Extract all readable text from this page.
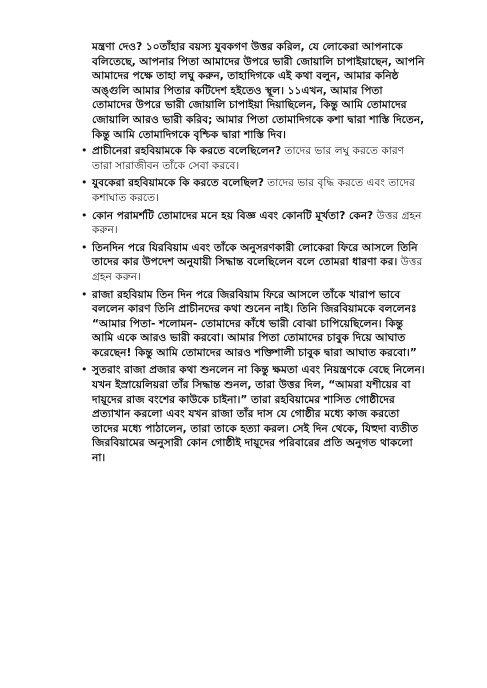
মন্ত্রণা দেও? ১০তাঁহার বয়স্য যুবকগণ উত্তর করিল, যে লোকেরা আপনাকে বলিতেছে, আপনার পিতা আমাদের উপরে ভারী জোয়ালি চাপাইয়াছেন, আপনি আমাদের পক্ষে তাহা লঘু করুন, তাহাদিগকে এই কথা বলুন, আমার কনিষ্ঠ অঙ্গুলি আমার পিতার কটিদেশ হইতেও স্থূল। ১১এখন, আমার পিতা তোমাদের উপরে ভারী জোয়ালি চাপাইয়া দিয়াছিলেন, কিন্তু আমি তোমাদের জোয়ালি আরও ভারী করিব; আমার পিতা তোমাদিগকে কশা দ্বারা শাস্তি দিতেন, কিন্তু আমি তোমাদিগকে বৃশ্চিক দ্বারা শাস্তি দিব।

• প্রাচীনেরা রহবিয়ামকে কি করতে বলেছিলেন? তাদের ভার লঘু করতে কারণ তারা সারাজীবন তাঁকে সেবা করবে।
• যুবকেরা রহবিয়ামকে কি করতে বলেছিল? তাদের ভার বৃদ্ধি করতে এবং তাদের কশাঘাত করতে।
• কোন পরামর্শটি তোমাদের মনে হয় বিজ্ঞ এবং কোনটি মূর্খতা? কেন? উত্তর গ্রহন করুন।
• তিনদিন পরে যিরবিয়াম এবং তাঁকে অনুসরণকারী লোকেরা ফিরে আসলে তিনি তাদের কার উপদেশ অনুযায়ী সিদ্ধান্ত বলেছিলেন বলে তোমরা ধারণা কর। উত্তর গ্রহন করুন।
• রাজা রহবিয়াম তিন দিন পরে জিরবিয়াম ফিরে আসলে তাঁকে খারাপ ভাবে বললেন কারণ তিনি প্রাচীনদের কথা শুনেন নাই। তিনি জিরবিয়ামকে বললেনঃ “আমার পিতা- শলোমন- তোমাদের কাঁধে ভারী বোঝা চাপিয়েছিলেন। কিন্তু আমি একে আরও ভারী করবো। আমার পিতা তোমাদের চাবুক দিয়ে আঘাত করেছেন! কিন্তু আমি তোমাদের আরও শক্তিশালী চাবুক দ্বারা আঘাত করবো।”
• সুতরাং রাজা প্রজার কথা শুনলেন না কিন্তু ক্ষমতা এবং নিয়ন্ত্রণকে বেছে নিলেন। যখন ইস্রায়েলিয়রা তাঁর সিদ্ধান্ত শুনল, তারা উত্তর দিল, “আমরা যশীয়ের বা দায়ূদের রাজ বংশের কাউকে চাইনা।” তারা রহবিয়ামের শাসিত গোষ্ঠীদের প্রত্যাখান করলো এবং যখন রাজা তাঁর দাস যে গোষ্ঠীর মধ্যে কাজ করতো তাদের মধ্যে পাঠালেন, তারা তাকে হত্যা করল। সেই দিন থেকে, যিহুদা ব্যতীত জিরবিয়ামের অনুসারী কোন গোষ্ঠীই দায়ূদের পরিবারের প্রতি অনুগত থাকলো না।
